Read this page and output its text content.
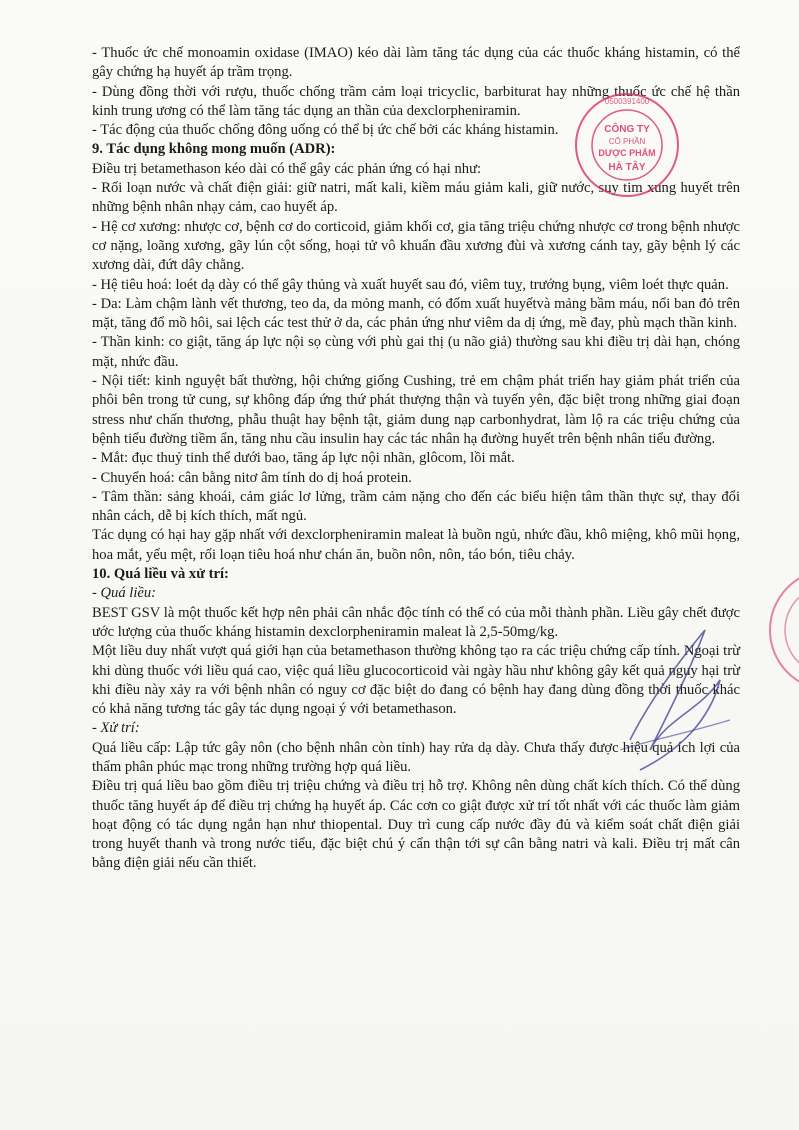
- Thuốc ức chế monoamin oxidase (IMAO) kéo dài làm tăng tác dụng của các thuốc kháng histamin, có thể gây chứng hạ huyết áp trầm trọng.

- Dùng đồng thời với rượu, thuốc chống trầm cảm loại tricyclic, barbiturat hay những thuốc ức chế hệ thần kinh trung ương có thể làm tăng tác dụng an thần của dexclorpheniramin.

- Tác động của thuốc chống đông uống có thể bị ức chế bởi các kháng histamin.

9. Tác dụng không mong muốn (ADR):

Điều trị betamethason kéo dài có thể gây các phản ứng có hại như:

- Rối loạn nước và chất điện giải: giữ natri, mất kali, kiềm máu giảm kali, giữ nước, suy tim xung huyết trên những bệnh nhân nhạy cảm, cao huyết áp.

- Hệ cơ xương: nhược cơ, bệnh cơ do corticoid, giảm khối cơ, gia tăng triệu chứng nhược cơ trong bệnh nhược cơ nặng, loãng xương, gãy lún cột sống, hoại tử vô khuẩn đầu xương đùi và xương cánh tay, gãy bệnh lý các xương dài, đứt dây chằng.

- Hệ tiêu hoá: loét dạ dày có thể gây thủng và xuất huyết sau đó, viêm tuỵ, trướng bụng, viêm loét thực quản.

- Da: Làm chậm lành vết thương, teo da, da mỏng manh, có đốm xuất huyếtvà mảng bầm máu, nổi ban đỏ trên mặt, tăng đổ mồ hôi, sai lệch các test thử ở da, các phản ứng như viêm da dị ứng, mề đay, phù mạch thần kinh.

- Thần kinh: co giật, tăng áp lực nội sọ cùng với phù gai thị (u não giả) thường sau khi điều trị dài hạn, chóng mặt, nhức đầu.

- Nội tiết: kinh nguyệt bất thường, hội chứng giống Cushing, trẻ em chậm phát triển hay giảm phát triển của phôi bên trong tử cung, sự không đáp ứng thứ phát thượng thận và tuyến yên, đặc biệt trong những giai đoạn stress như chấn thương, phẫu thuật hay bệnh tật, giảm dung nạp carbonhydrat, làm lộ ra các triệu chứng của bệnh tiểu đường tiềm ẩn, tăng nhu cầu insulin hay các tác nhân hạ đường huyết trên bệnh nhân tiểu đường.

- Mắt: đục thuỷ tinh thể dưới bao, tăng áp lực nội nhãn, glôcom, lồi mắt.

- Chuyển hoá: cân bằng nitơ âm tính do dị hoá protein.

- Tâm thần: sảng khoái, cảm giác lơ lửng, trầm cảm nặng cho đến các biểu hiện tâm thần thực sự, thay đổi nhân cách, dễ bị kích thích, mất ngủ.

Tác dụng có hại hay gặp nhất với dexclorpheniramin maleat là buồn ngủ, nhức đầu, khô miệng, khô mũi họng, hoa mắt, yếu mệt, rối loạn tiêu hoá như chán ăn, buồn nôn, nôn, táo bón, tiêu chảy.

10. Quá liều và xử trí:

- Quá liều:

BEST GSV là một thuốc kết hợp nên phải cân nhắc độc tính có thể có của mỗi thành phần. Liều gây chết được ước lượng của thuốc kháng histamin dexclorpheniramin maleat là 2,5-50mg/kg.

Một liều duy nhất vượt quá giới hạn của betamethason thường không tạo ra các triệu chứng cấp tính. Ngoại trừ khi dùng thuốc với liều quá cao, việc quá liều glucocorticoid vài ngày hầu như không gây kết quả nguy hại trừ khi điều này xảy ra với bệnh nhân có nguy cơ đặc biệt do đang có bệnh hay đang dùng đồng thời thuốc khác có khả năng tương tác gây tác dụng ngoại ý với betamethason.

- Xử trí:

Quá liều cấp: Lập tức gây nôn (cho bệnh nhân còn tỉnh) hay rửa dạ dày. Chưa thấy được hiệu quả ích lợi của thẩm phân phúc mạc trong những trường hợp quá liều.

Điều trị quá liều bao gồm điều trị triệu chứng và điều trị hỗ trợ. Không nên dùng chất kích thích. Có thể dùng thuốc tăng huyết áp để điều trị chứng hạ huyết áp. Các cơn co giật được xử trí tốt nhất với các thuốc làm giảm hoạt động có tác dụng ngắn hạn như thiopental. Duy trì cung cấp nước đầy đủ và kiểm soát chất điện giải trong huyết thanh và trong nước tiểu, đặc biệt chú ý cẩn thận tới sự cân bằng natri và kali. Điều trị mất cân bằng điện giải nếu cần thiết.

0500391400
CÔNG TY
CỔ PHẦN
DƯỢC PHẨM
HÀ TÂY
